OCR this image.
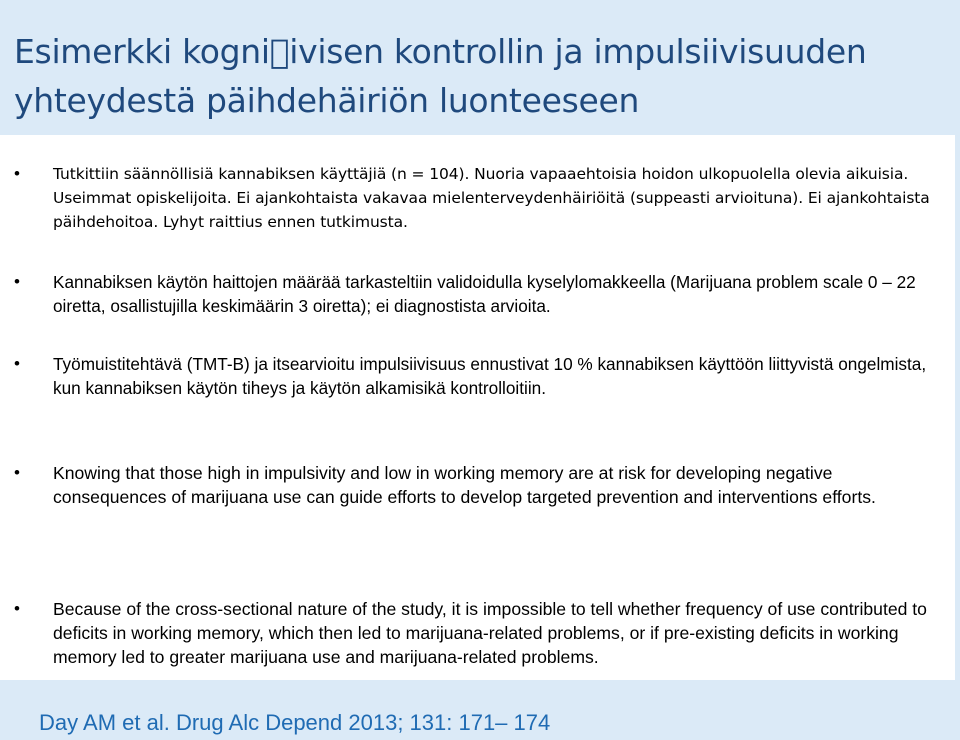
Esimerkki kogni ivisen kontrollin ja impulsiivisuuden yhteydestä päihdehäiriön luonteeseen
• Tutkittiin säännöllisiä kannabiksen käyttäjiä (n = 104). Nuoria vapaaehtoisia hoidon ulkopuolella olevia aikuisia. Useimmat opiskelijoita. Ei ajankohtaista vakavaa mielenterveydenhäiriöitä (suppeasti arvioituna). Ei ajankohtaista päihdehoitoa. Lyhyt raittius ennen tutkimusta.

• Kannabiksen käytön haittojen määrää tarkasteltiin validoidulla kyselylomakkeella (Marijuana problem scale 0 – 22 oiretta, osallistujilla keskimäärin 3 oiretta); ei diagnostista arvioita.

• Työmuistitehtävä (TMT-B) ja itsearvioitu impulsiivisuus ennustivat 10 % kannabiksen käyttöön liittyvistä ongelmista, kun kannabiksen käytön tiheys ja käytön alkamisikä kontrolloitiin.

• Knowing that those high in impulsivity and low in working memory are at risk for developing negative consequences of marijuana use can guide efforts to develop targeted prevention and interventions efforts.

• Because of the cross-sectional nature of the study, it is impossible to tell whether frequency of use contributed to deficits in working memory, which then led to marijuana-related problems, or if pre-existing deficits in working memory led to greater marijuana use and marijuana-related problems.

Day AM et al. Drug Alc Depend 2013; 131: 171– 174
